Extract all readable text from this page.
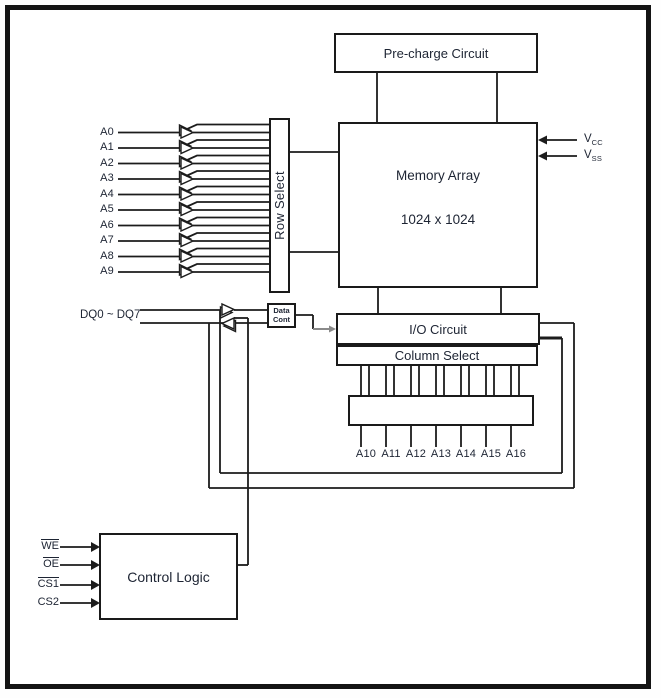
Pre-charge Circuit
Memory Array
1024 x 1024
Row Select
Data
Cont
I/O Circuit
Column Select
Control Logic
A0
A1
A2
A3
A4
A5
A6
A7
A8
A9
A10 A11 A12 A13 A14 A15 A16
DQ0 ~ DQ7
$V_{CC}$
$V_{SS}$
WE
OE
CS1
CS2
